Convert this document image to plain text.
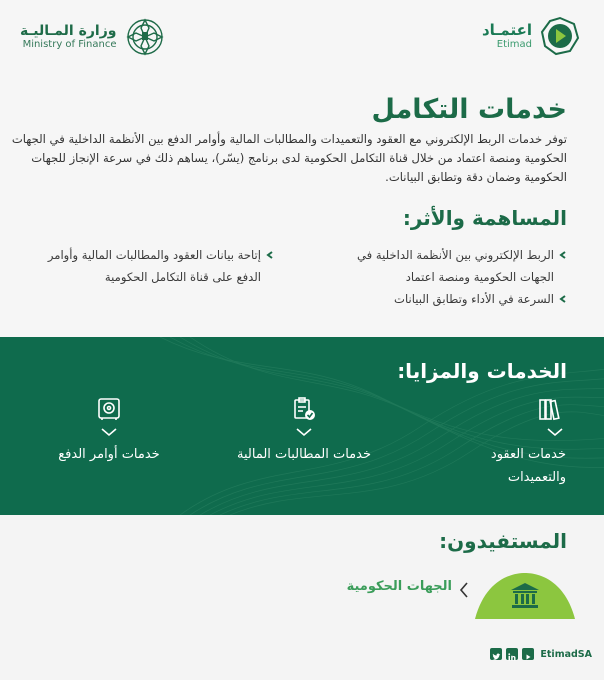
اعتمـاد
Etimad
وزارة المـاليـة
Ministry of Finance
خدمات التكامل
توفر خدمات الربط الإلكتروني مع العقود والتعميدات والمطالبات المالية وأوامر الدفع بين الأنظمة الداخلية في الجهات الحكومية ومنصة اعتماد من خلال قناة التكامل الحكومية لدى برنامج (يسّر)، يساهم ذلك في سرعة الإنجاز للجهات الحكومية وضمان دقة وتطابق البيانات.
المساهمة والأثر:
الربط الإلكتروني بين الأنظمة الداخلية في الجهات الحكومية ومنصة اعتماد
السرعة في الأداء وتطابق البيانات
إتاحة بيانات العقود والمطالبات المالية وأوامر الدفع على قناة التكامل الحكومية
الخدمات والمزايا:
خدمات العقود والتعميدات
خدمات المطالبات المالية
خدمات أوامر الدفع
المستفيدون:
الجهات الحكومية
EtimadSA
